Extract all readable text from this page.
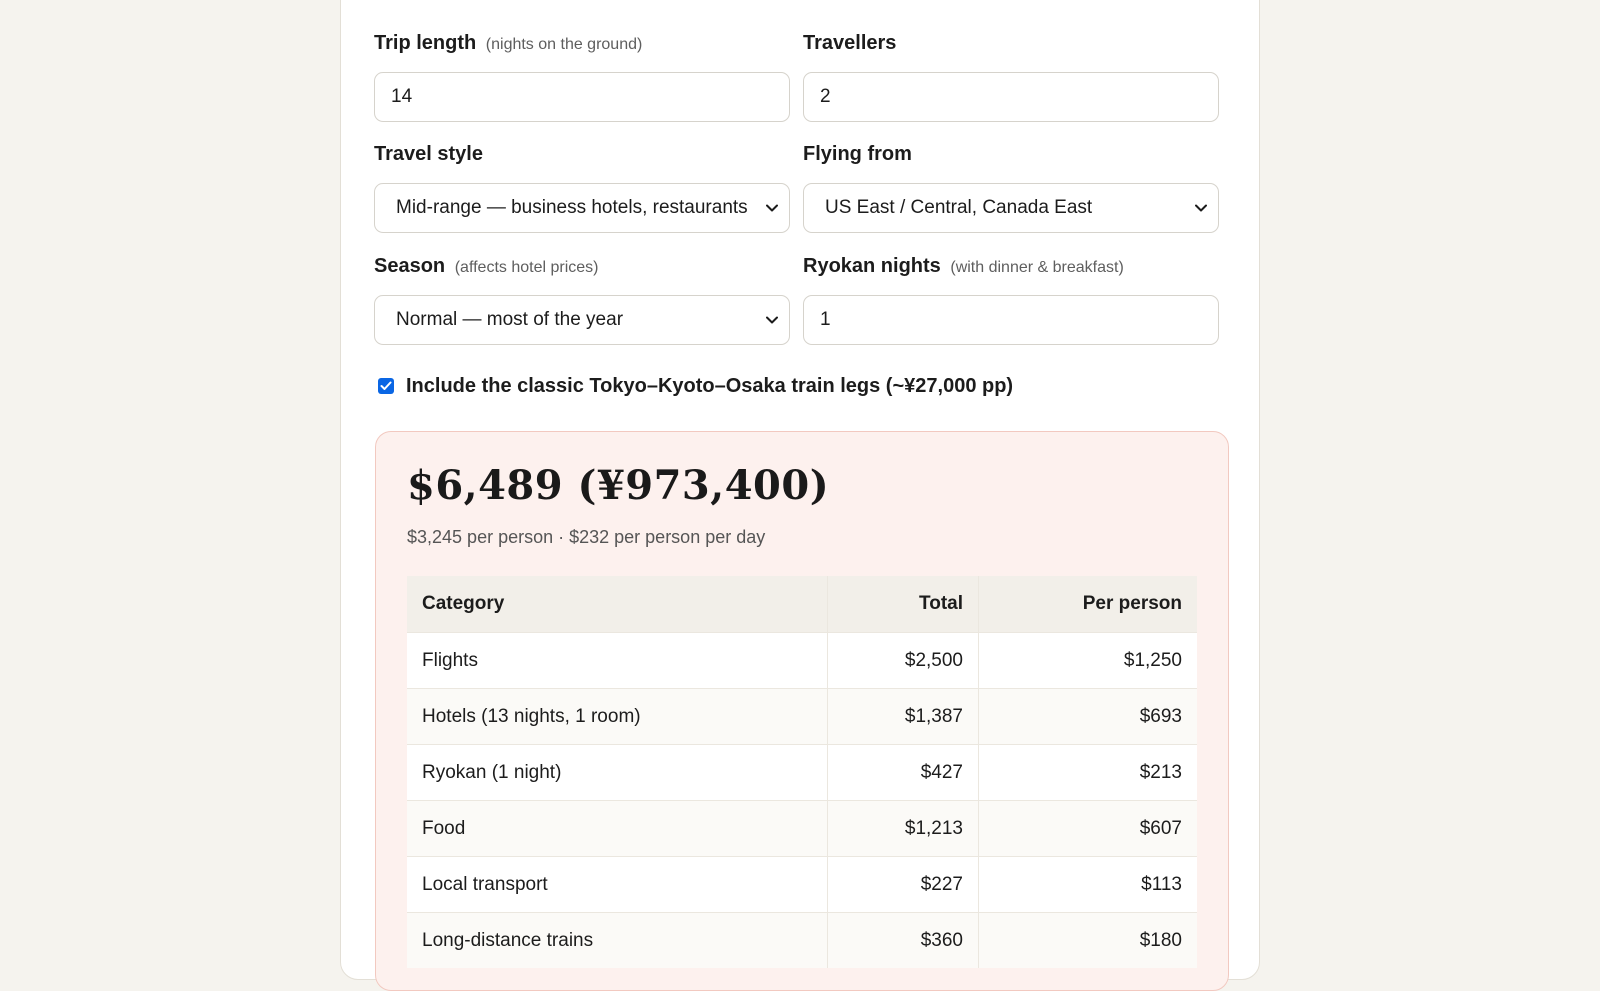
Trip length (nights on the ground)
14
Travellers
2
Travel style
Mid-range — business hotels, restaurants
Flying from
US East / Central, Canada East
Season (affects hotel prices)
Normal — most of the year
Ryokan nights (with dinner & breakfast)
1
Include the classic Tokyo–Kyoto–Osaka train legs (~¥27,000 pp)
$6,489 (¥973,400)
$3,245 per person · $232 per person per day
Category	Total	Per person
Flights	$2,500	$1,250
Hotels (13 nights, 1 room)	$1,387	$693
Ryokan (1 night)	$427	$213
Food	$1,213	$607
Local transport	$227	$113
Long-distance trains	$360	$180
